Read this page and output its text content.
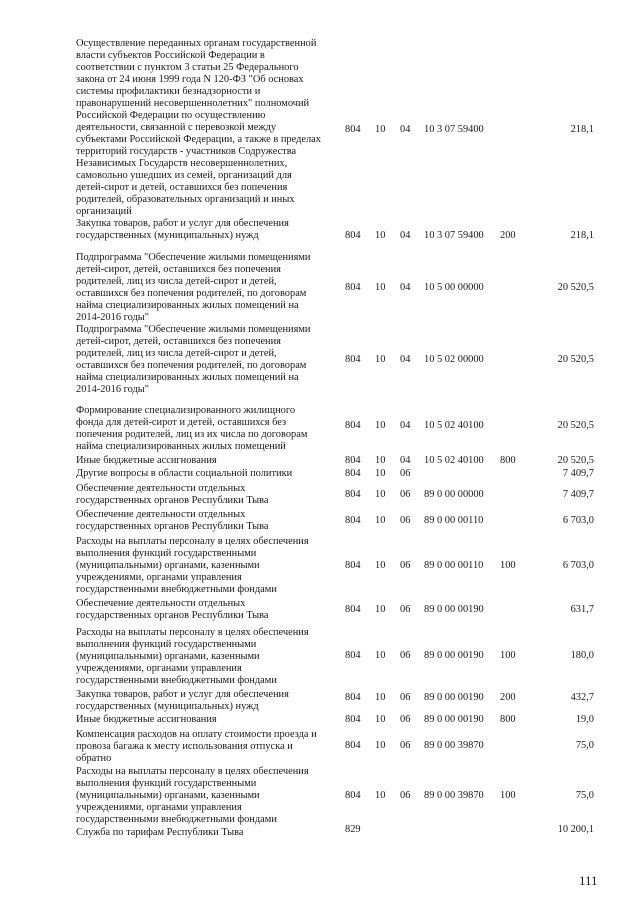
Осуществление переданных органам государственной
власти субъектов Российской Федерации в
соответствии с пунктом 3 статьи 25 Федерального
закона от 24 июня 1999 года N 120-ФЗ "Об основах
системы профилактики безнадзорности и
правонарушений несовершеннолетних" полномочий
Российской Федерации по осуществлению
деятельности, связанной с перевозкой между
субъектами Российской Федерации, а также в пределах
территорий государств - участников Содружества
Независимых Государств несовершеннолетних,
самовольно ушедших из семей, организаций для
детей-сирот и детей, оставшихся без попечения
родителей, образовательных организаций и иных
организаций
804 10 04 10 3 07 59400	218,1
Закупка товаров, работ и услуг для обеспечения
государственных (муниципальных) нужд	804 10 04 10 3 07 59400 200	218,1
Подпрограмма "Обеспечение жилыми помещениями
детей-сирот, детей, оставшихся без попечения
родителей, лиц из числа детей-сирот и детей,
оставшихся без попечения родителей, по договорам
найма специализированных жилых помещений на
2014-2016 годы"
804 10 04 10 5 00 00000	20 520,5
Подпрограмма "Обеспечение жилыми помещениями
детей-сирот, детей, оставшихся без попечения
родителей, лиц из числа детей-сирот и детей,
оставшихся без попечения родителей, по договорам
найма специализированных жилых помещений на
2014-2016 годы"
804 10 04 10 5 02 00000	20 520,5
Формирование специализированного жилищного
фонда для детей-сирот и детей, оставшихся без
попечения родителей, лиц из их числа по договорам
найма специализированных жилых помещений
804 10 04 10 5 02 40100	20 520,5
Иные бюджетные ассигнования	804 10 04 10 5 02 40100 800	20 520,5
Другие вопросы в области социальной политики	804 10 06	7 409,7
Обеспечение деятельности отдельных
государственных органов Республики Тыва
804 10 06 89 0 00 00000	7 409,7
Обеспечение деятельности отдельных
государственных органов Республики Тыва
804 10 06 89 0 00 00110	6 703,0
Расходы на выплаты персоналу в целях обеспечения
выполнения функций государственными
(муниципальными) органами, казенными
учреждениями, органами управления
государственными внебюджетными фондами
804 10 06 89 0 00 00110 100	6 703,0
Обеспечение деятельности отдельных
государственных органов Республики Тыва
804 10 06 89 0 00 00190	631,7
Расходы на выплаты персоналу в целях обеспечения
выполнения функций государственными
(муниципальными) органами, казенными
учреждениями, органами управления
государственными внебюджетными фондами
804 10 06 89 0 00 00190 100	180,0
Закупка товаров, работ и услуг для обеспечения
государственных (муниципальных) нужд
804 10 06 89 0 00 00190 200	432,7
Иные бюджетные ассигнования	804 10 06 89 0 00 00190 800	19,0
Компенсация расходов на оплату стоимости проезда и
провоза багажа к месту использования отпуска и
обратно
804 10 06 89 0 00 39870	75,0
Расходы на выплаты персоналу в целях обеспечения
выполнения функций государственными
(муниципальными) органами, казенными
учреждениями, органами управления
государственными внебюджетными фондами
804 10 06 89 0 00 39870 100	75,0
Служба по тарифам Республики Тыва	829	10 200,1
111
